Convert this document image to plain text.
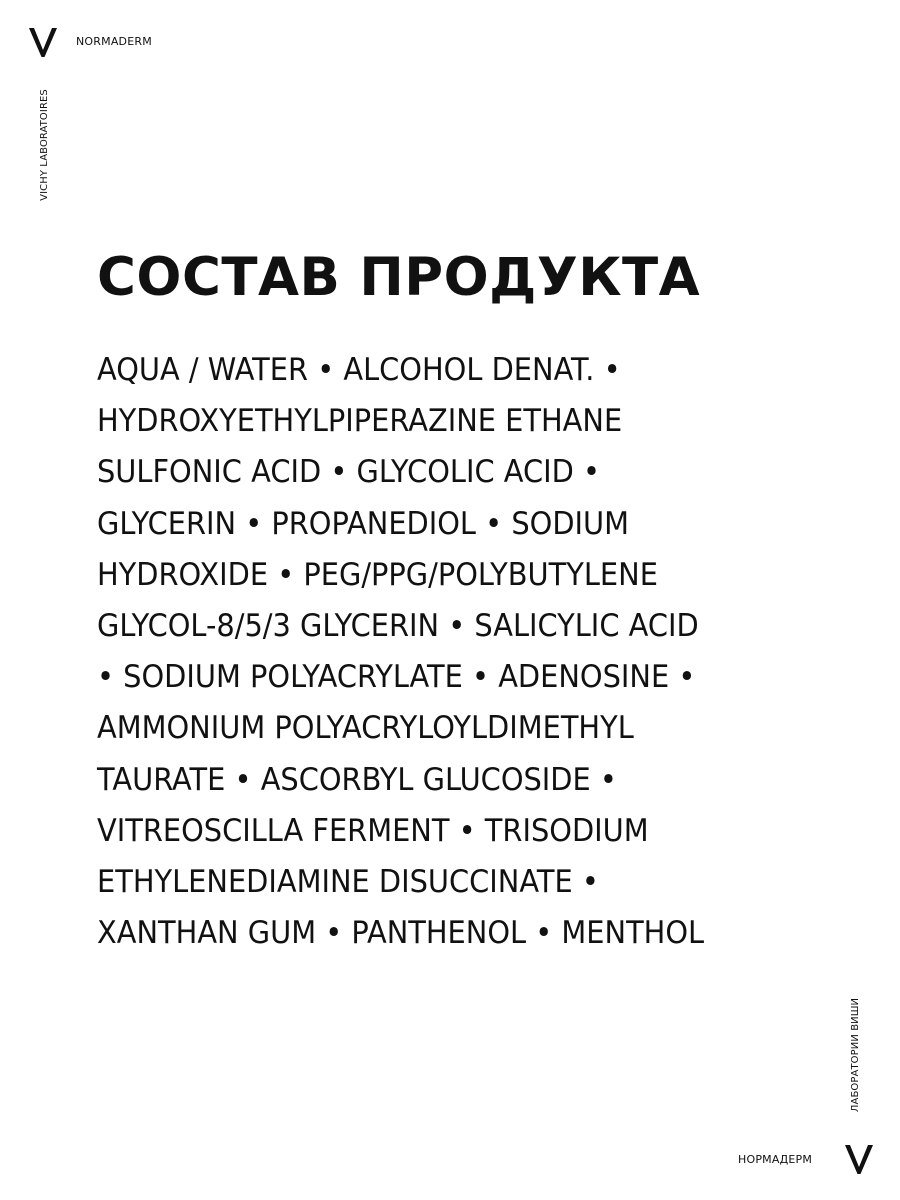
NORMADERM
VICHY LABORATOIRES
СОСТАВ ПРОДУКТА
AQUA / WATER • ALCOHOL DENAT. •
HYDROXYETHYLPIPERAZINE ETHANE
SULFONIC ACID • GLYCOLIC ACID •
GLYCERIN • PROPANEDIOL • SODIUM
HYDROXIDE • PEG/PPG/POLYBUTYLENE
GLYCOL-8/5/3 GLYCERIN • SALICYLIC ACID
• SODIUM POLYACRYLATE • ADENOSINE •
AMMONIUM POLYACRYLOYLDIMETHYL
TAURATE • ASCORBYL GLUCOSIDE •
VITREOSCILLA FERMENT • TRISODIUM
ETHYLENEDIAMINE DISUCCINATE •
XANTHAN GUM • PANTHENOL • MENTHOL
ЛАБОРАТОРИИ ВИШИ
НОРМАДЕРМ
